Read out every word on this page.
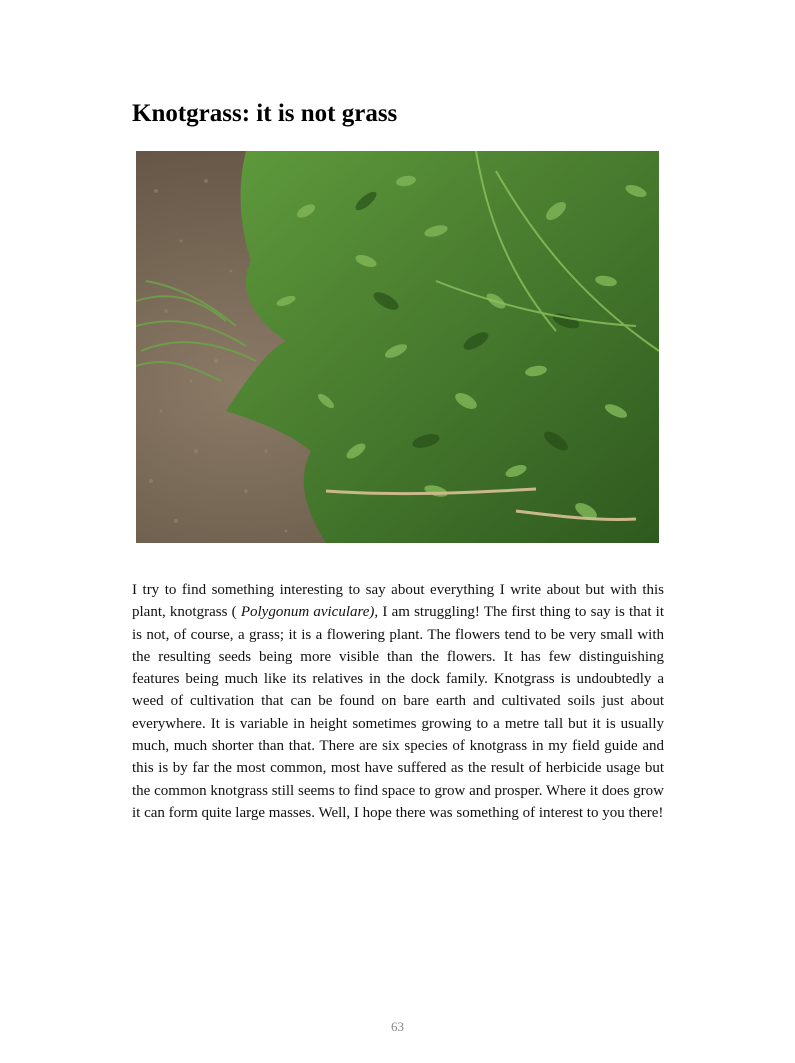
Knotgrass: it is not grass

I try to find something interesting to say about everything I write about but with this plant, knotgrass ( Polygonum aviculare), I am struggling! The first thing to say is that it is not, of course, a grass; it is a flowering plant. The flowers tend to be very small with the resulting seeds being more visible than the flowers. It has few distinguishing features being much like its relatives in the dock family. Knotgrass is undoubtedly a weed of cultivation that can be found on bare earth and cultivated soils just about everywhere. It is variable in height sometimes growing to a metre tall but it is usually much, much shorter than that. There are six species of knotgrass in my field guide and this is by far the most common, most have suffered as the result of herbicide usage but the common knotgrass still seems to find space to grow and prosper. Where it does grow it can form quite large masses. Well, I hope there was something of interest to you there!

63
